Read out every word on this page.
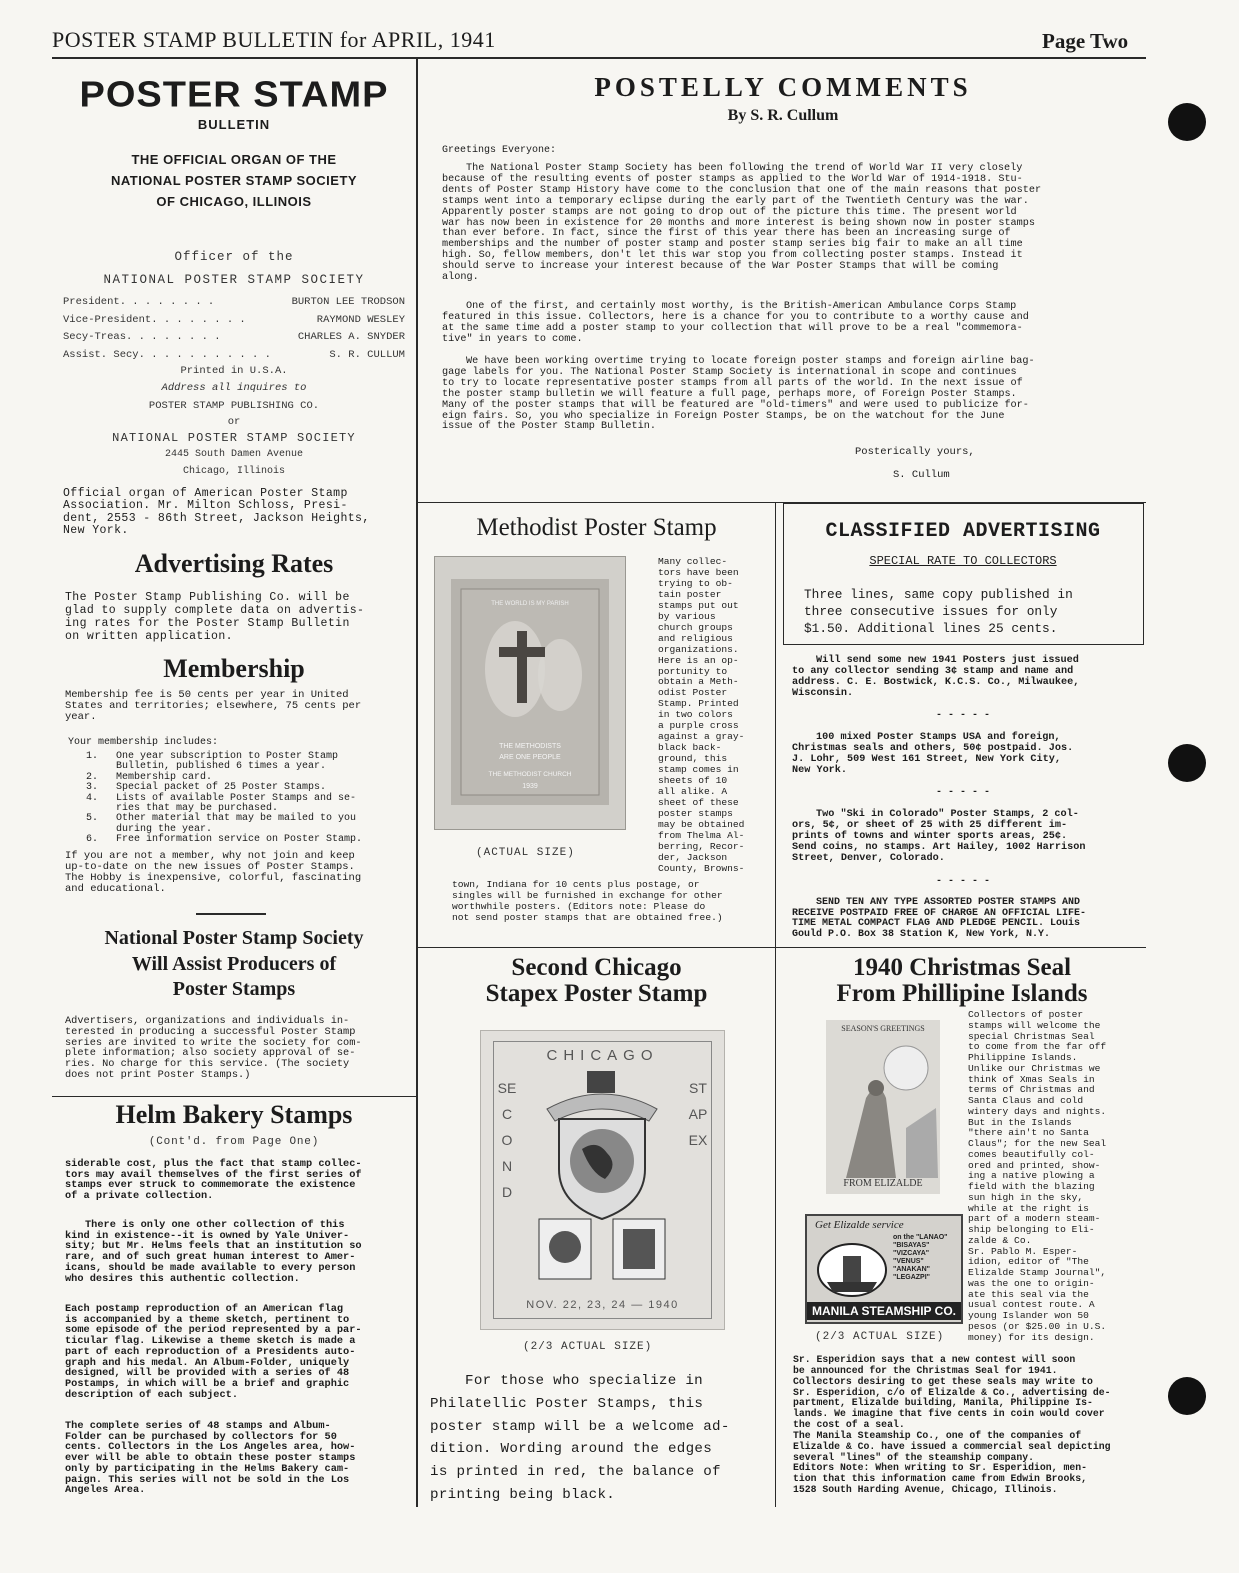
POSTER STAMP BULLETIN for APRIL, 1941	Page Two
POSTER STAMP
BULLETIN
THE OFFICIAL ORGAN OF THE
NATIONAL POSTER STAMP SOCIETY
OF CHICAGO, ILLINOIS
Officer of the
NATIONAL POSTER STAMP SOCIETY
President. . . . . . . .	BURTON LEE TRODSON
Vice-President. . . . . . . .	RAYMOND WESLEY
Secy-Treas. . . . . . . .	CHARLES A. SNYDER
Assist. Secy. . . . . . . . . . .	S. R. CULLUM
Printed in U.S.A.
Address all inquires to
POSTER STAMP PUBLISHING CO.
or
NATIONAL POSTER STAMP SOCIETY
2445 South Damen Avenue
Chicago, Illinois

Official organ of American Poster Stamp
Association. Mr. Milton Schloss, Presi-
dent, 2553 - 86th Street, Jackson Heights,
New York.

Advertising Rates

The Poster Stamp Publishing Co. will be
glad to supply complete data on advertis-
ing rates for the Poster Stamp Bulletin
on written application.

Membership

Membership fee is 50 cents per year in United
States and territories; elsewhere, 75 cents per
year.

Your membership includes:
1.	One year subscription to Poster Stamp
Bulletin, published 6 times a year.
2.	Membership card.
3.	Special packet of 25 Poster Stamps.
4.	Lists of available Poster Stamps and se-
ries that may be purchased.
5.	Other material that may be mailed to you
during the year.
6.	Free information service on Poster Stamp.

If you are not a member, why not join and keep
up-to-date on the new issues of Poster Stamps.
The Hobby is inexpensive, colorful, fascinating
and educational.

National Poster Stamp Society
Will Assist Producers of
Poster Stamps

Advertisers, organizations and individuals in-
terested in producing a successful Poster Stamp
series are invited to write the society for com-
plete information; also society approval of se-
ries. No charge for this service. (The society
does not print Poster Stamps.)

Helm Bakery Stamps
(Cont'd. from Page One)

siderable cost, plus the fact that stamp collec-
tors may avail themselves of the first series of
stamps ever struck to commemorate the existence
of a private collection.

There is only one other collection of this
kind in existence--it is owned by Yale Univer-
sity; but Mr. Helms feels that an institution so
rare, and of such great human interest to Amer-
icans, should be made available to every person
who desires this authentic collection.

Each postamp reproduction of an American flag
is accompanied by a theme sketch, pertinent to
some episode of the period represented by a par-
ticular flag. Likewise a theme sketch is made a
part of each reproduction of a Presidents auto-
graph and his medal. An Album-Folder, uniquely
designed, will be provided with a series of 48
Postamps, in which will be a brief and graphic
description of each subject.

The complete series of 48 stamps and Album-
Folder can be purchased by collectors for 50
cents. Collectors in the Los Angeles area, how-
ever will be able to obtain these poster stamps
only by participating in the Helms Bakery cam-
paign. This series will not be sold in the Los
Angeles Area.

POSTELLY COMMENTS
By S. R. Cullum
Greetings Everyone:

The National Poster Stamp Society has been following the trend of World War II very closely
because of the resulting events of poster stamps as applied to the World War of 1914-1918. Stu-
dents of Poster Stamp History have come to the conclusion that one of the main reasons that poster
stamps went into a temporary eclipse during the early part of the Twentieth Century was the war.
Apparently poster stamps are not going to drop out of the picture this time. The present world
war has now been in existence for 20 months and more interest is being shown now in poster stamps
than ever before. In fact, since the first of this year there has been an increasing surge of
memberships and the number of poster stamp and poster stamp series big fair to make an all time
high. So, fellow members, don't let this war stop you from collecting poster stamps. Instead it
should serve to increase your interest because of the War Poster Stamps that will be coming
along.

One of the first, and certainly most worthy, is the British-American Ambulance Corps Stamp
featured in this issue. Collectors, here is a chance for you to contribute to a worthy cause and
at the same time add a poster stamp to your collection that will prove to be a real "commemora-
tive" in years to come.

We have been working overtime trying to locate foreign poster stamps and foreign airline bag-
gage labels for you. The National Poster Stamp Society is international in scope and continues
to try to locate representative poster stamps from all parts of the world. In the next issue of
the poster stamp bulletin we will feature a full page, perhaps more, of Foreign Poster Stamps.
Many of the poster stamps that will be featured are "old-timers" and were used to publicize for-
eign fairs. So, you who specialize in Foreign Poster Stamps, be on the watchout for the June
issue of the Poster Stamp Bulletin.

Posterically yours,
S. Cullum
Methodist Poster Stamp
THE WORLD IS MY PARISH
THE METHODISTS
ARE ONE PEOPLE
THE METHODIST CHURCH
1939
(ACTUAL SIZE)

Many collec-
tors have been
trying to ob-
tain poster
stamps put out
by various
church groups
and religious
organizations.
Here is an op-
portunity to
obtain a Meth-
odist Poster
Stamp. Printed
in two colors
a purple cross
against a gray-
black back-
ground, this
stamp comes in
sheets of 10
all alike. A
sheet of these
poster stamps
may be obtained
from Thelma Al-
berring, Recor-
der, Jackson
County, Browns-

town, Indiana for 10 cents plus postage, or
singles will be furnished in exchange for other
worthwhile posters. (Editors note: Please do
not send poster stamps that are obtained free.)

CLASSIFIED ADVERTISING
SPECIAL RATE TO COLLECTORS

Three lines, same copy published in
three consecutive issues for only
$1.50. Additional lines 25 cents.

Will send some new 1941 Posters just issued
to any collector sending 3¢ stamp and name and
address. C. E. Bostwick, K.C.S. Co., Milwaukee,
Wisconsin.

- - - - -

100 mixed Poster Stamps USA and foreign,
Christmas seals and others, 50¢ postpaid. Jos.
J. Lohr, 509 West 161 Street, New York City,
New York.

- - - - -

Two "Ski in Colorado" Poster Stamps, 2 col-
ors, 5¢, or sheet of 25 with 25 different im-
prints of towns and winter sports areas, 25¢.
Send coins, no stamps. Art Hailey, 1002 Harrison
Street, Denver, Colorado.

- - - - -

SEND TEN ANY TYPE ASSORTED POSTER STAMPS AND
RECEIVE POSTPAID FREE OF CHARGE AN OFFICIAL LIFE-
TIME METAL COMPACT FLAG AND PLEDGE PENCIL. Louis
Gould P.O. Box 38 Station K, New York, N.Y.

Second Chicago
Stapex Poster Stamp

CHICAGO
SECOND
STAPEX
NOV. 22, 23, 24 — 1940
(2/3 ACTUAL SIZE)

For those who specialize in
Philatellic Poster Stamps, this
poster stamp will be a welcome ad-
dition. Wording around the edges
is printed in red, the balance of
printing being black.

1940 Christmas Seal
From Phillipine Islands

SEASON'S GREETINGS
FROM ELIZALDE
Get Elizalde service

on the "LANAO"
"BISAYAS"
"VIZCAYA"
"VENUS"
"ANAKAN"
"LEGAZPI"

MANILA STEAMSHIP CO.
(2/3 ACTUAL SIZE)

Collectors of poster
stamps will welcome the
special Christmas Seal
to come from the far off
Philippine Islands.
Unlike our Christmas we
think of Xmas Seals in
terms of Christmas and
Santa Claus and cold
wintery days and nights.
But in the Islands
"there ain't no Santa
Claus"; for the new Seal
comes beautifully col-
ored and printed, show-
ing a native plowing a
field with the blazing
sun high in the sky,
while at the right is
part of a modern steam-
ship belonging to Eli-
zalde & Co.
Sr. Pablo M. Esper-
idion, editor of "The
Elizalde Stamp Journal",
was the one to origin-
ate this seal via the
usual contest route. A
young Islander won 50
pesos (or $25.00 in U.S.
money) for its design.

Sr. Esperidion says that a new contest will soon
be announced for the Christmas Seal for 1941.
Collectors desiring to get these seals may write to
Sr. Esperidion, c/o of Elizalde & Co., advertising de-
partment, Elizalde building, Manila, Philippine Is-
lands. We imagine that five cents in coin would cover
the cost of a seal.
The Manila Steamship Co., one of the companies of
Elizalde & Co. have issued a commercial seal depicting
several "lines" of the steamship company.
Editors Note: When writing to Sr. Esperidion, men-
tion that this information came from Edwin Brooks,
1528 South Harding Avenue, Chicago, Illinois.
